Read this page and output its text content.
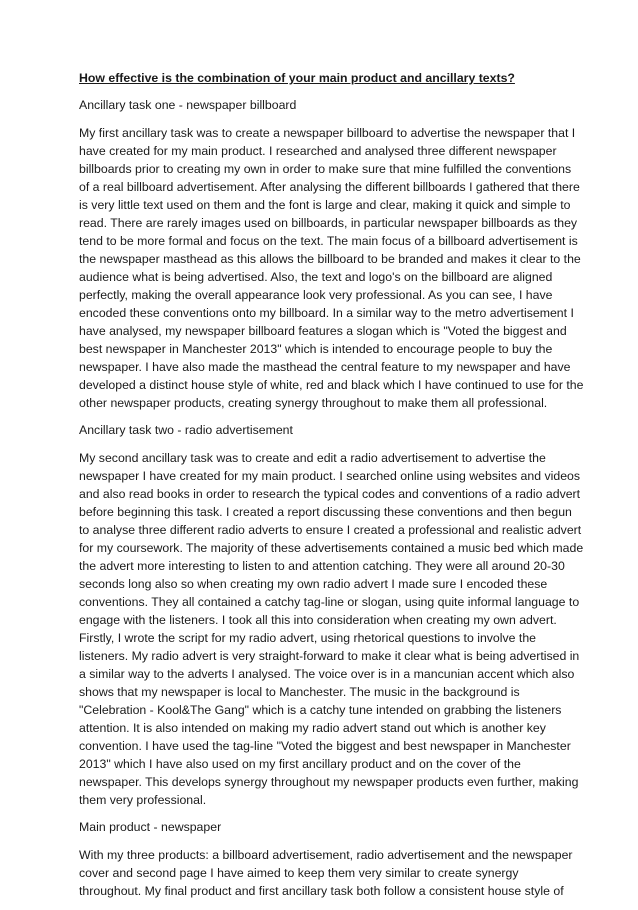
How effective is the combination of your main product and ancillary texts?
Ancillary task one - newspaper billboard
My first ancillary task was to create a newspaper billboard to advertise the newspaper that I
have created for my main product. I researched and analysed three different newspaper
billboards prior to creating my own in order to make sure that mine fulfilled the conventions
of a real billboard advertisement. After analysing the different billboards I gathered that there
is very little text used on them and the font is large and clear, making it quick and simple to
read. There are rarely images used on billboards, in particular newspaper billboards as they
tend to be more formal and focus on the text. The main focus of a billboard advertisement is
the newspaper masthead as this allows the billboard to be branded and makes it clear to the
audience what is being advertised. Also, the text and logo's on the billboard are aligned
perfectly, making the overall appearance look very professional. As you can see, I have
encoded these conventions onto my billboard. In a similar way to the metro advertisement I
have analysed, my newspaper billboard features a slogan which is "Voted the biggest and
best newspaper in Manchester 2013" which is intended to encourage people to buy the
newspaper. I have also made the masthead the central feature to my newspaper and have
developed a distinct house style of white, red and black which I have continued to use for the
other newspaper products, creating synergy throughout to make them all professional.
Ancillary task two - radio advertisement
My second ancillary task was to create and edit a radio advertisement to advertise the
newspaper I have created for my main product. I searched online using websites and videos
and also read books in order to research the typical codes and conventions of a radio advert
before beginning this task. I created a report discussing these conventions and then begun
to analyse three different radio adverts to ensure I created a professional and realistic advert
for my coursework. The majority of these advertisements contained a music bed which made
the advert more interesting to listen to and attention catching. They were all around 20-30
seconds long also so when creating my own radio advert I made sure I encoded these
conventions. They all contained a catchy tag-line or slogan, using quite informal language to
engage with the listeners. I took all this into consideration when creating my own advert.
Firstly, I wrote the script for my radio advert, using rhetorical questions to involve the
listeners. My radio advert is very straight-forward to make it clear what is being advertised in
a similar way to the adverts I analysed. The voice over is in a mancunian accent which also
shows that my newspaper is local to Manchester. The music in the background is
"Celebration - Kool&The Gang" which is a catchy tune intended on grabbing the listeners
attention. It is also intended on making my radio advert stand out which is another key
convention. I have used the tag-line "Voted the biggest and best newspaper in Manchester
2013" which I have also used on my first ancillary product and on the cover of the
newspaper. This develops synergy throughout my newspaper products even further, making
them very professional.
Main product - newspaper
With my three products: a billboard advertisement, radio advertisement and the newspaper
cover and second page I have aimed to keep them very similar to create synergy
throughout. My final product and first ancillary task both follow a consistent house style of
